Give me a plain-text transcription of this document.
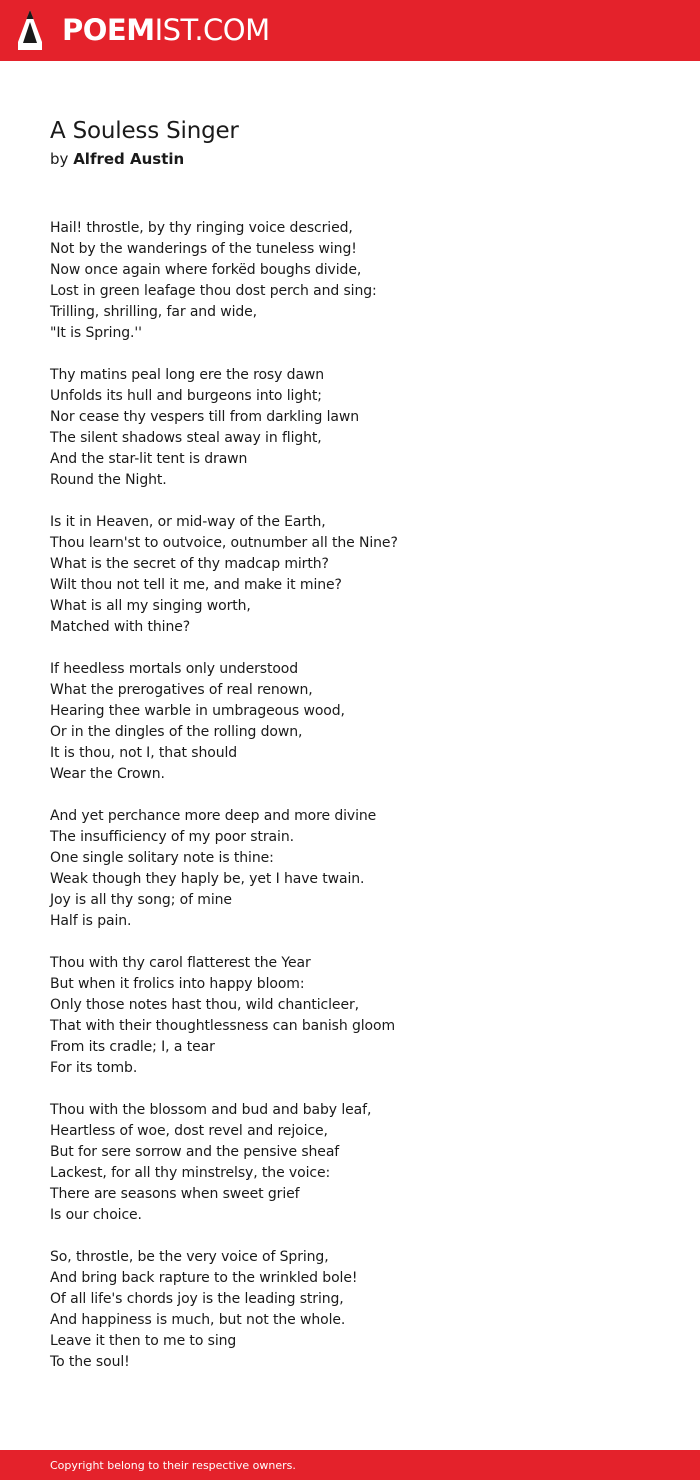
POEMIST.COM
A Souless Singer
by Alfred Austin
Hail! throstle, by thy ringing voice descried,
Not by the wanderings of the tuneless wing!
Now once again where forkëd boughs divide,
Lost in green leafage thou dost perch and sing:
Trilling, shrilling, far and wide,
"It is Spring.''
Thy matins peal long ere the rosy dawn
Unfolds its hull and burgeons into light;
Nor cease thy vespers till from darkling lawn
The silent shadows steal away in flight,
And the star-lit tent is drawn
Round the Night.
Is it in Heaven, or mid-way of the Earth,
Thou learn'st to outvoice, outnumber all the Nine?
What is the secret of thy madcap mirth?
Wilt thou not tell it me, and make it mine?
What is all my singing worth,
Matched with thine?
If heedless mortals only understood
What the prerogatives of real renown,
Hearing thee warble in umbrageous wood,
Or in the dingles of the rolling down,
It is thou, not I, that should
Wear the Crown.
And yet perchance more deep and more divine
The insufficiency of my poor strain.
One single solitary note is thine:
Weak though they haply be, yet I have twain.
Joy is all thy song; of mine
Half is pain.
Thou with thy carol flatterest the Year
But when it frolics into happy bloom:
Only those notes hast thou, wild chanticleer,
That with their thoughtlessness can banish gloom
From its cradle; I, a tear
For its tomb.
Thou with the blossom and bud and baby leaf,
Heartless of woe, dost revel and rejoice,
But for sere sorrow and the pensive sheaf
Lackest, for all thy minstrelsy, the voice:
There are seasons when sweet grief
Is our choice.
So, throstle, be the very voice of Spring,
And bring back rapture to the wrinkled bole!
Of all life's chords joy is the leading string,
And happiness is much, but not the whole.
Leave it then to me to sing
To the soul!
Copyright belong to their respective owners.
